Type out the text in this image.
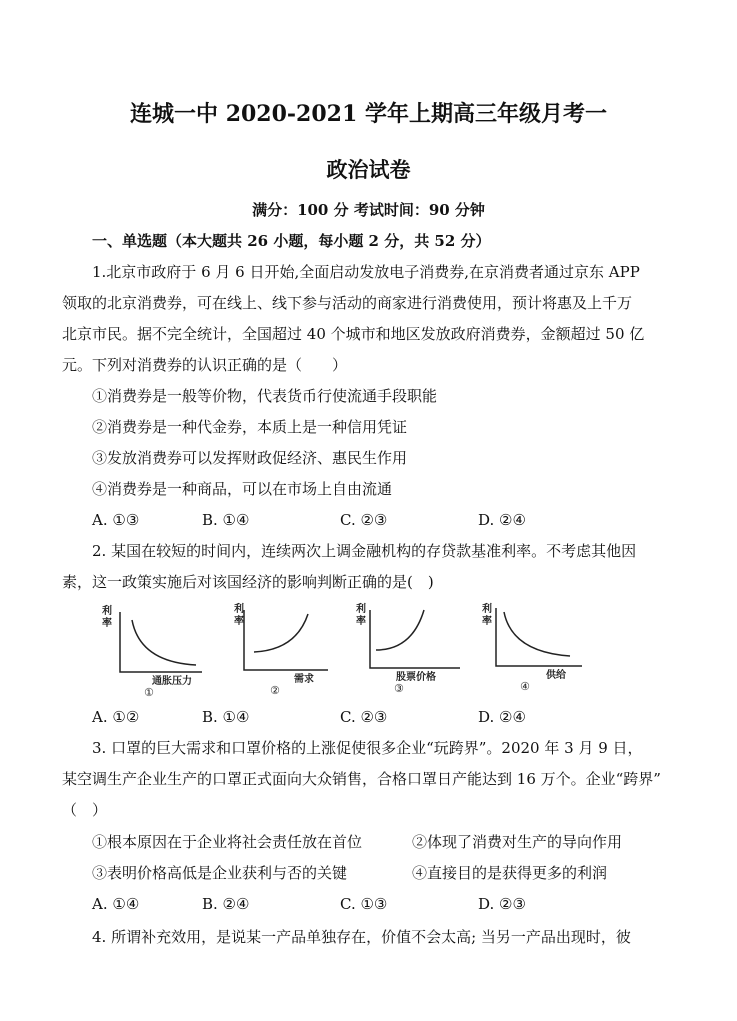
连城一中 2020-2021 学年上期高三年级月考一
政治试卷
满分：100 分 考试时间：90 分钟
一、单选题（本大题共 26 小题，每小题 2 分，共 52 分）
1.北京市政府于 6 月 6 日开始,全面启动发放电子消费券,在京消费者通过京东 APP
领取的北京消费券，可在线上、线下参与活动的商家进行消费使用，预计将惠及上千万
北京市民。据不完全统计，全国超过 40 个城市和地区发放政府消费券，金额超过 50 亿
元。下列对消费券的认识正确的是（　　）
①消费券是一般等价物，代表货币行使流通手段职能
②消费券是一种代金券，本质上是一种信用凭证
③发放消费券可以发挥财政促经济、惠民生作用
④消费券是一种商品，可以在市场上自由流通
A. ①③	B. ①④	C. ②③	D. ②④
2. 某国在较短的时间内，连续两次上调金融机构的存贷款基准利率。不考虑其他因
素，这一政策实施后对该国经济的影响判断正确的是(　)
利
率
通胀压力
①
利
率
需求
②
利
率
股票价格
③
利
率
供给
④
A. ①②	B. ①④	C. ②③	D. ②④
3. 口罩的巨大需求和口罩价格的上涨促使很多企业“玩跨界”。2020 年 3 月 9 日，
某空调生产企业生产的口罩正式面向大众销售，合格口罩日产能达到 16 万个。企业“跨界”
（　）
①根本原因在于企业将社会责任放在首位	②体现了消费对生产的导向作用
③表明价格高低是企业获利与否的关键	④直接目的是获得更多的利润
A. ①④	B. ②④	C. ①③	D. ②③
4. 所谓补充效用，是说某一产品单独存在，价值不会太高; 当另一产品出现时，彼
